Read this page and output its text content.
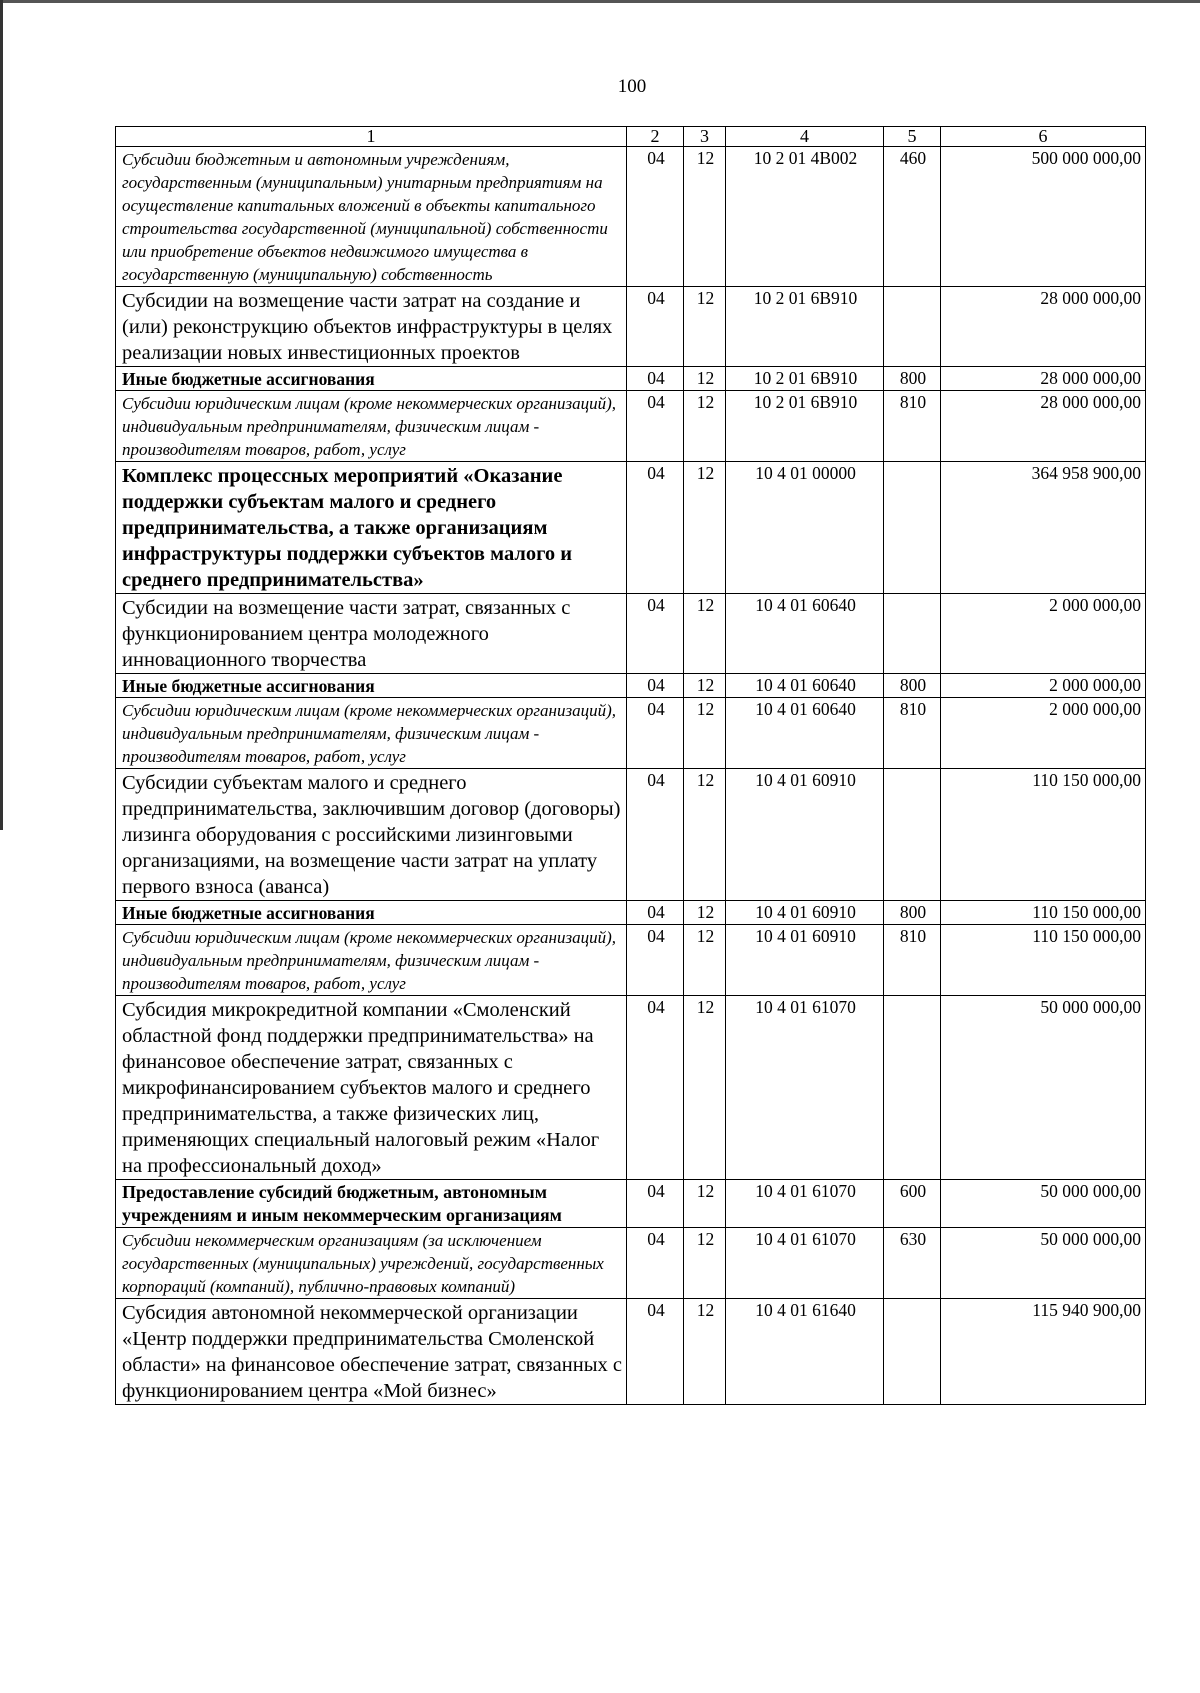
100
1	2	3	4	5	6
Субсидии бюджетным и автономным учреждениям, государственным (муниципальным) унитарным предприятиям на осуществление капитальных вложений в объекты капитального строительства государственной (муниципальной) собственности или приобретение объектов недвижимого имущества в государственную (муниципальную) собственность	04	12	10 2 01 4В002	460	500 000 000,00
Субсидии на возмещение части затрат на создание и (или) реконструкцию объектов инфраструктуры в целях реализации новых инвестиционных проектов	04	12	10 2 01 6В910		28 000 000,00
Иные бюджетные ассигнования	04	12	10 2 01 6В910	800	28 000 000,00
Субсидии юридическим лицам (кроме некоммерческих организаций), индивидуальным предпринимателям, физическим лицам - производителям товаров, работ, услуг	04	12	10 2 01 6В910	810	28 000 000,00
Комплекс процессных мероприятий «Оказание поддержки субъектам малого и среднего предпринимательства, а также организациям инфраструктуры поддержки субъектов малого и среднего предпринимательства»	04	12	10 4 01 00000		364 958 900,00
Субсидии на возмещение части затрат, связанных с функционированием центра молодежного инновационного творчества	04	12	10 4 01 60640		2 000 000,00
Иные бюджетные ассигнования	04	12	10 4 01 60640	800	2 000 000,00
Субсидии юридическим лицам (кроме некоммерческих организаций), индивидуальным предпринимателям, физическим лицам - производителям товаров, работ, услуг	04	12	10 4 01 60640	810	2 000 000,00
Субсидии субъектам малого и среднего предпринимательства, заключившим договор (договоры) лизинга оборудования с российскими лизинговыми организациями, на возмещение части затрат на уплату первого взноса (аванса)	04	12	10 4 01 60910		110 150 000,00
Иные бюджетные ассигнования	04	12	10 4 01 60910	800	110 150 000,00
Субсидии юридическим лицам (кроме некоммерческих организаций), индивидуальным предпринимателям, физическим лицам - производителям товаров, работ, услуг	04	12	10 4 01 60910	810	110 150 000,00
Субсидия микрокредитной компании «Смоленский областной фонд поддержки предпринимательства» на финансовое обеспечение затрат, связанных с микрофинансированием субъектов малого и среднего предпринимательства, а также физических лиц, применяющих специальный налоговый режим «Налог на профессиональный доход»	04	12	10 4 01 61070		50 000 000,00
Предоставление субсидий бюджетным, автономным учреждениям и иным некоммерческим организациям	04	12	10 4 01 61070	600	50 000 000,00
Субсидии некоммерческим организациям (за исключением государственных (муниципальных) учреждений, государственных корпораций (компаний), публично-правовых компаний)	04	12	10 4 01 61070	630	50 000 000,00
Субсидия автономной некоммерческой организации «Центр поддержки предпринимательства Смоленской области» на финансовое обеспечение затрат, связанных с функционированием центра «Мой бизнес»	04	12	10 4 01 61640		115 940 900,00
